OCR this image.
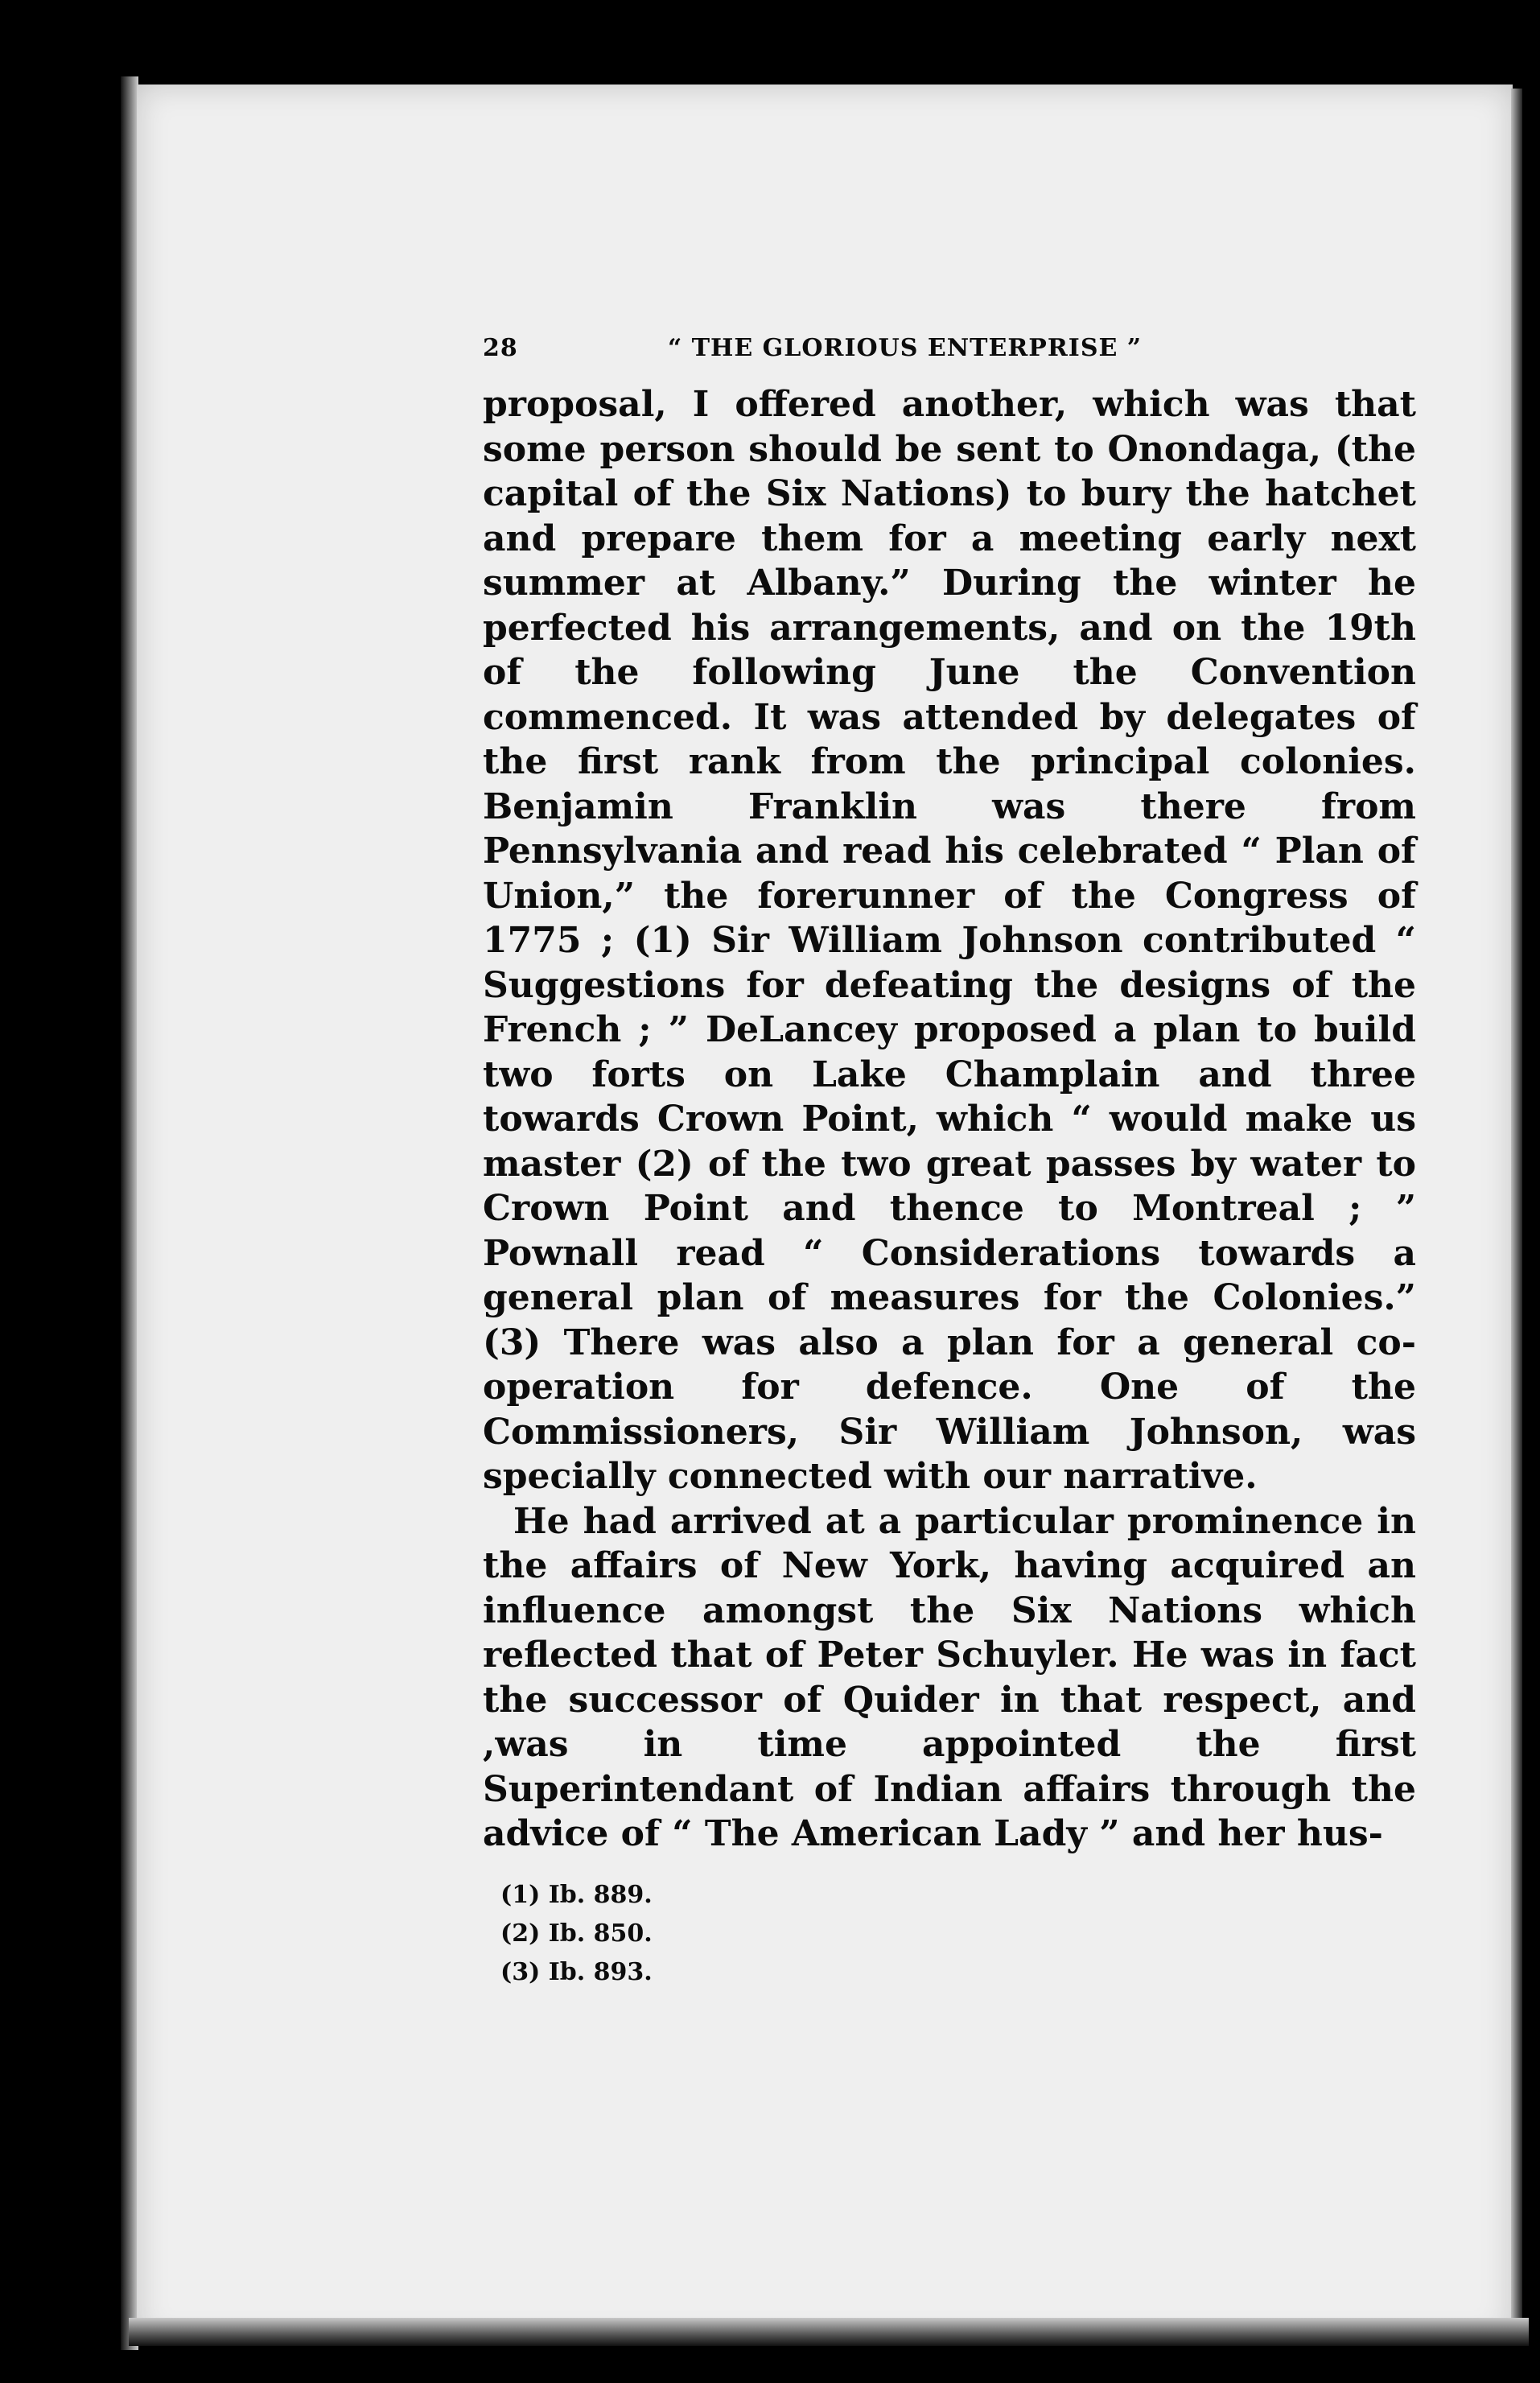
28	“ THE GLORIOUS ENTERPRISE ”

proposal, I offered another, which was that some person should be sent to Onondaga, (the capital of the Six Nations) to bury the hatchet and prepare them for a meeting early next summer at Albany.” During the winter he perfected his arrangements, and on the 19th of the following June the Convention commenced. It was attended by delegates of the first rank from the principal colonies. Benjamin Franklin was there from Pennsylvania and read his celebrated “ Plan of Union,” the forerunner of the Congress of 1775 ; (1) Sir William Johnson contributed “ Suggestions for defeating the designs of the French ; ” DeLancey proposed a plan to build two forts on Lake Champlain and three towards Crown Point, which “ would make us master (2) of the two great passes by water to Crown Point and thence to Montreal ; ” Pownall read “ Considerations towards a general plan of measures for the Colonies.” (3) There was also a plan for a general co-operation for defence. One of the Commissioners, Sir William Johnson, was specially connected with our narrative.

He had arrived at a particular prominence in the affairs of New York, having acquired an influence amongst the Six Nations which reflected that of Peter Schuyler. He was in fact the successor of Quider in that respect, and ,was in time appointed the first Superintendant of Indian affairs through the advice of “ The American Lady ” and her hus-

(1) Ib. 889.
(2) Ib. 850.
(3) Ib. 893.
